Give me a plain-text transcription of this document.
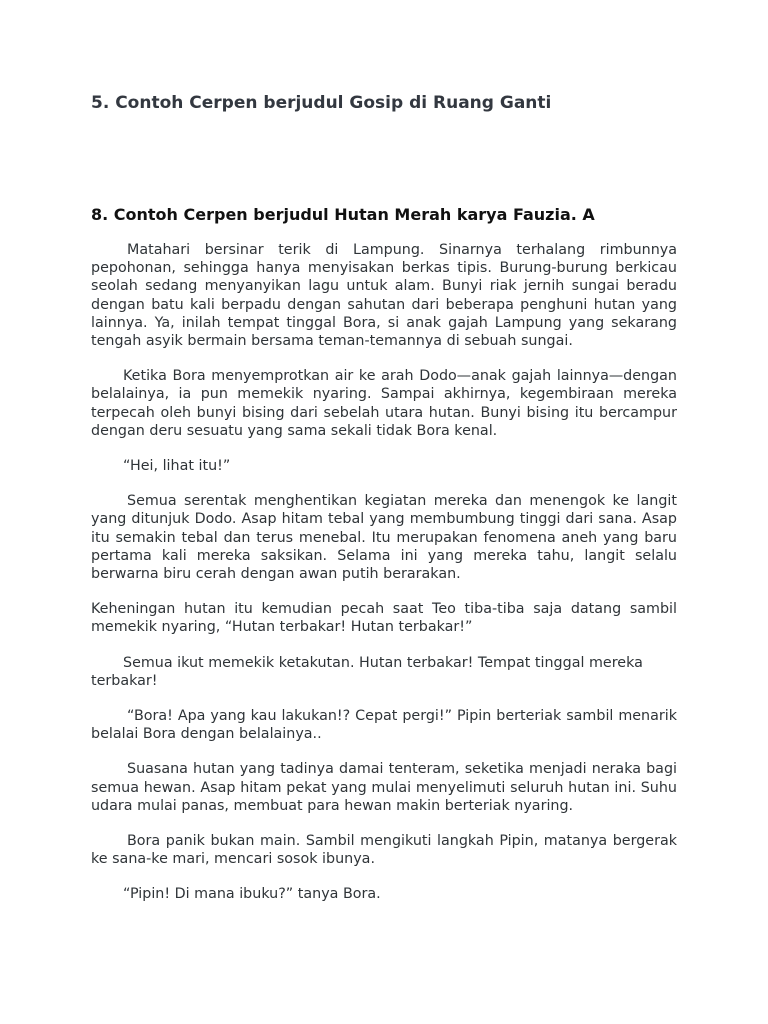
5. Contoh Cerpen berjudul Gosip di Ruang Ganti
8. Contoh Cerpen berjudul Hutan Merah karya Fauzia. A

Matahari bersinar terik di Lampung. Sinarnya terhalang rimbunnya pepohonan, sehingga hanya menyisakan berkas tipis. Burung-burung berkicau seolah sedang menyanyikan lagu untuk alam. Bunyi riak jernih sungai beradu dengan batu kali berpadu dengan sahutan dari beberapa penghuni hutan yang lainnya. Ya, inilah tempat tinggal Bora, si anak gajah Lampung yang sekarang tengah asyik bermain bersama teman-temannya di sebuah sungai.

Ketika Bora menyemprotkan air ke arah Dodo—anak gajah lainnya—dengan belalainya, ia pun memekik nyaring. Sampai akhirnya, kegembiraan mereka terpecah oleh bunyi bising dari sebelah utara hutan. Bunyi bising itu bercampur dengan deru sesuatu yang sama sekali tidak Bora kenal.

“Hei, lihat itu!”

Semua serentak menghentikan kegiatan mereka dan menengok ke langit yang ditunjuk Dodo. Asap hitam tebal yang membumbung tinggi dari sana. Asap itu semakin tebal dan terus menebal. Itu merupakan fenomena aneh yang baru pertama kali mereka saksikan. Selama ini yang mereka tahu, langit selalu berwarna biru cerah dengan awan putih berarakan.

Keheningan hutan itu kemudian pecah saat Teo tiba-tiba saja datang sambil memekik nyaring, “Hutan terbakar! Hutan terbakar!”

Semua ikut memekik ketakutan. Hutan terbakar! Tempat tinggal mereka terbakar!

“Bora! Apa yang kau lakukan!? Cepat pergi!” Pipin berteriak sambil menarik belalai Bora dengan belalainya..

Suasana hutan yang tadinya damai tenteram, seketika menjadi neraka bagi semua hewan. Asap hitam pekat yang mulai menyelimuti seluruh hutan ini. Suhu udara mulai panas, membuat para hewan makin berteriak nyaring.

Bora panik bukan main. Sambil mengikuti langkah Pipin, matanya bergerak ke sana-ke mari, mencari sosok ibunya.

“Pipin! Di mana ibuku?” tanya Bora.
